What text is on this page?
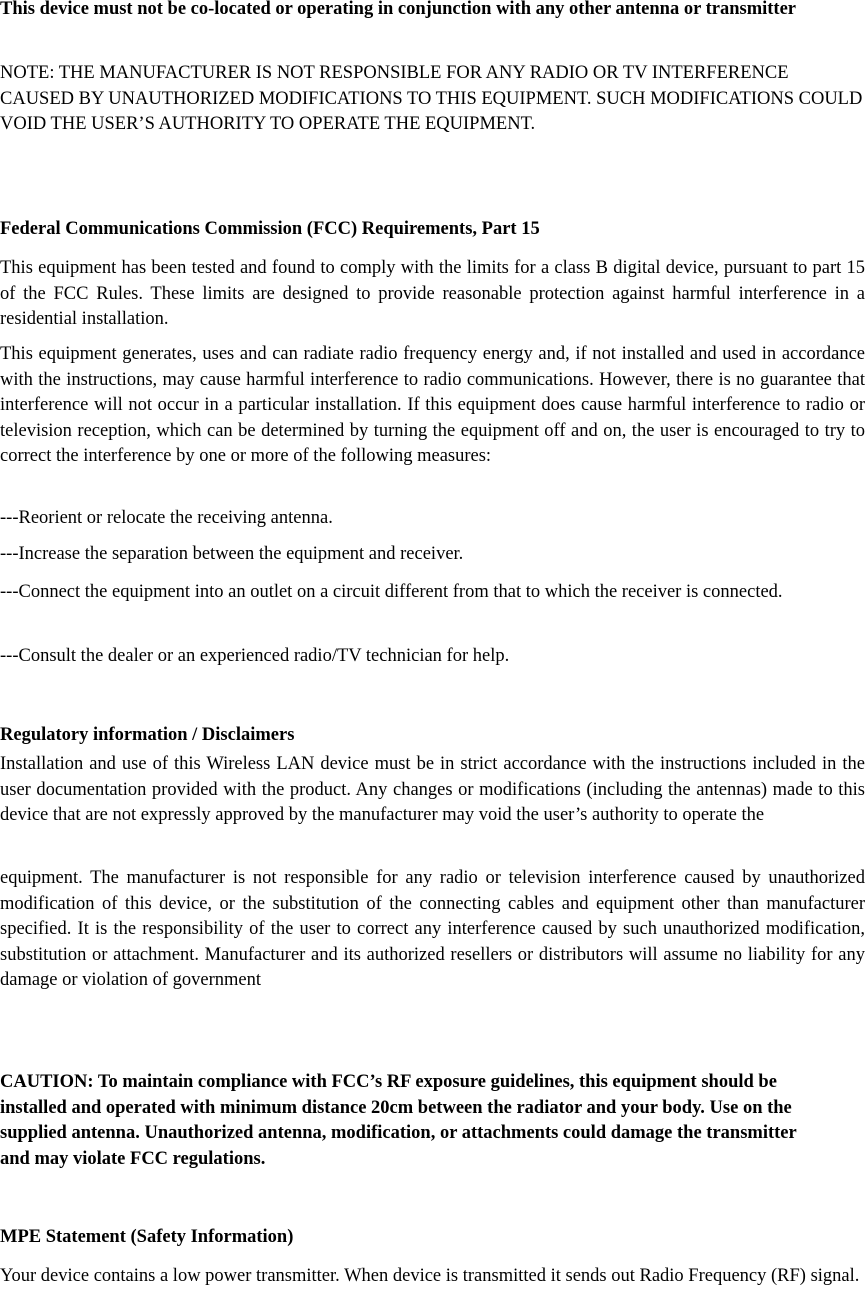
This device must not be co-located or operating in conjunction with any other antenna or transmitter

NOTE: THE MANUFACTURER IS NOT RESPONSIBLE FOR ANY RADIO OR TV INTERFERENCE CAUSED BY UNAUTHORIZED MODIFICATIONS TO THIS EQUIPMENT. SUCH MODIFICATIONS COULD VOID THE USER’S AUTHORITY TO OPERATE THE EQUIPMENT.

Federal Communications Commission (FCC) Requirements, Part 15

This equipment has been tested and found to comply with the limits for a class B digital device, pursuant to part 15 of the FCC Rules. These limits are designed to provide reasonable protection against harmful interference in a residential installation.

This equipment generates, uses and can radiate radio frequency energy and, if not installed and used in accordance with the instructions, may cause harmful interference to radio communications. However, there is no guarantee that interference will not occur in a particular installation. If this equipment does cause harmful interference to radio or television reception, which can be determined by turning the equipment off and on, the user is encouraged to try to correct the interference by one or more of the following measures:

---Reorient or relocate the receiving antenna.

---Increase the separation between the equipment and receiver.

---Connect the equipment into an outlet on a circuit different from that to which the receiver is connected.

---Consult the dealer or an experienced radio/TV technician for help.

Regulatory information / Disclaimers

Installation and use of this Wireless LAN device must be in strict accordance with the instructions included in the user documentation provided with the product. Any changes or modifications (including the antennas) made to this device that are not expressly approved by the manufacturer may void the user’s authority to operate the

equipment. The manufacturer is not responsible for any radio or television interference caused by unauthorized modification of this device, or the substitution of the connecting cables and equipment other than manufacturer specified. It is the responsibility of the user to correct any interference caused by such unauthorized modification, substitution or attachment. Manufacturer and its authorized resellers or distributors will assume no liability for any damage or violation of government

CAUTION: To maintain compliance with FCC’s RF exposure guidelines, this equipment should be installed and operated with minimum distance 20cm between the radiator and your body. Use on the supplied antenna. Unauthorized antenna, modification, or attachments could damage the transmitter and may violate FCC regulations.

MPE Statement (Safety Information)

Your device contains a low power transmitter. When device is transmitted it sends out Radio Frequency (RF) signal.
